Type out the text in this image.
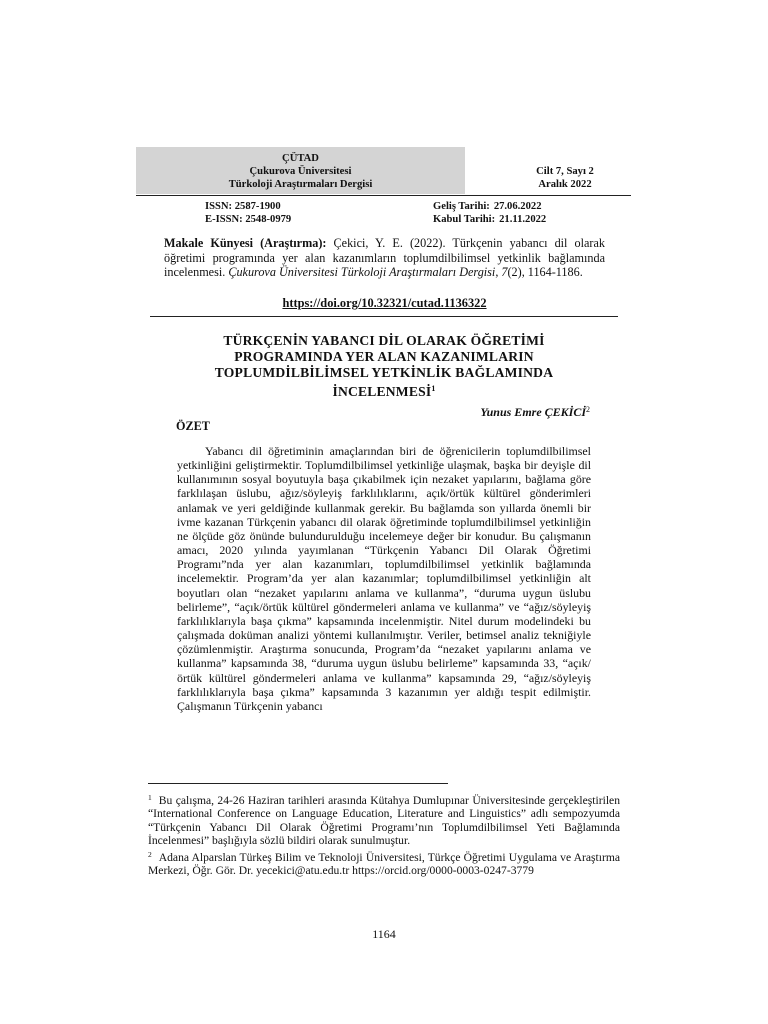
ÇÜTAD
Çukurova Üniversitesi
Türkoloji Araştırmaları Dergisi
Cilt 7, Sayı 2
Aralık 2022
ISSN: 2587-1900
E-ISSN: 2548-0979
Geliş Tarihi: 27.06.2022
Kabul Tarihi: 21.11.2022
Makale Künyesi (Araştırma): Çekici, Y. E. (2022). Türkçenin yabancı dil olarak öğretimi programında yer alan kazanımların toplumdilbilimsel yetkinlik bağlamında incelenmesi. Çukurova Üniversitesi Türkoloji Araştırmaları Dergisi, 7(2), 1164-1186.
https://doi.org/10.32321/cutad.1136322
TÜRKÇENİN YABANCI DİL OLARAK ÖĞRETİMİ
PROGRAMINDA YER ALAN KAZANIMLARIN
TOPLUMDİLBİLİMSEL YETKİNLİK BAĞLAMINDA
İNCELENMESİ$^1$
Yunus Emre ÇEKİCİ$^2$
ÖZET
Yabancı dil öğretiminin amaçlarından biri de öğrenicilerin toplumdilbilimsel yetkinliğini geliştirmektir. Toplumdilbilimsel yetkinliğe ulaşmak, başka bir deyişle dil kullanımının sosyal boyutuyla başa çıkabilmek için nezaket yapılarını, bağlama göre farklılaşan üslubu, ağız/söyleyiş farklılıklarını, açık/örtük kültürel gönderimleri anlamak ve yeri geldiğinde kullanmak gerekir. Bu bağlamda son yıllarda önemli bir ivme kazanan Türkçenin yabancı dil olarak öğretiminde toplumdilbilimsel yetkinliğin ne ölçüde göz önünde bulundurulduğu incelemeye değer bir konudur. Bu çalışmanın amacı, 2020 yılında yayımlanan “Türkçenin Yabancı Dil Olarak Öğretimi Programı”nda yer alan kazanımları, toplumdilbilimsel yetkinlik bağlamında incelemektir. Program’da yer alan kazanımlar; toplumdilbilimsel yetkinliğin alt boyutları olan “nezaket yapılarını anlama ve kullanma”, “duruma uygun üslubu belirleme”, “açık/örtük kültürel göndermeleri anlama ve kullanma” ve “ağız/söyleyiş farklılıklarıyla başa çıkma” kapsamında incelenmiştir. Nitel durum modelindeki bu çalışmada doküman analizi yöntemi kullanılmıştır. Veriler, betimsel analiz tekniğiyle çözümlenmiştir. Araştırma sonucunda, Program’da “nezaket yapılarını anlama ve kullanma” kapsamında 38, “duruma uygun üslubu belirleme” kapsamında 33, “açık/örtük kültürel göndermeleri anlama ve kullanma” kapsamında 29, “ağız/söyleyiş farklılıklarıyla başa çıkma” kapsamında 3 kazanımın yer aldığı tespit edilmiştir. Çalışmanın Türkçenin yabancı

$^1$ Bu çalışma, 24-26 Haziran tarihleri arasında Kütahya Dumlupınar Üniversitesinde gerçekleştirilen “International Conference on Language Education, Literature and Linguistics” adlı sempozyumda “Türkçenin Yabancı Dil Olarak Öğretimi Programı’nın Toplumdilbilimsel Yeti Bağlamında İncelenmesi” başlığıyla sözlü bildiri olarak sunulmuştur.

$^2$ Adana Alparslan Türkeş Bilim ve Teknoloji Üniversitesi, Türkçe Öğretimi Uygulama ve Araştırma Merkezi, Öğr. Gör. Dr. yecekici@atu.edu.tr https://orcid.org/0000-0003-0247-3779

1164
